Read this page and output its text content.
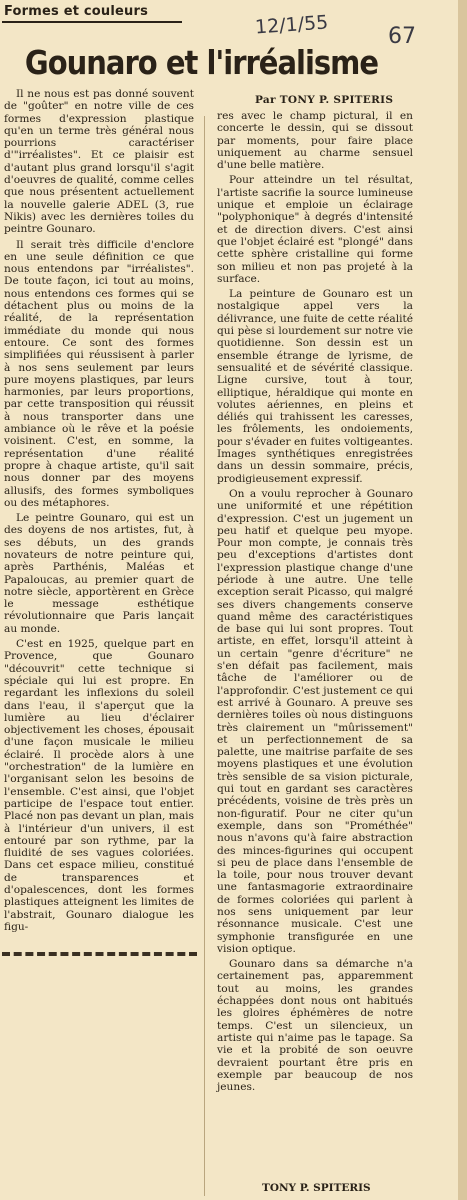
Formes et couleurs	12/1/55	67
Gounaro et l'irréalisme
Par TONY P. SPITERIS

Il ne nous est pas donné souvent de "goûter" en notre ville de ces formes d'expression plastique qu'en un terme très général nous pourrions caractériser d'"irréalistes". Et ce plaisir est d'autant plus grand lorsqu'il s'agit d'oeuvres de qualité, comme celles que nous présentent actuellement la nouvelle galerie ADEL (3, rue Nikis) avec les dernières toiles du peintre Gounaro.

Il serait très difficile d'enclore en une seule définition ce que nous entendons par "irréalistes". De toute façon, ici tout au moins, nous entendons ces formes qui se détachent plus ou moins de la réalité, de la représentation immédiate du monde qui nous entoure. Ce sont des formes simplifiées qui réussisent à parler à nos sens seulement par leurs pure moyens plastiques, par leurs harmonies, par leurs proportions, par cette transposition qui réussit à nous transporter dans une ambiance où le rêve et la poésie voisinent. C'est, en somme, la représentation d'une réalité propre à chaque artiste, qu'il sait nous donner par des moyens allusifs, des formes symboliques ou des métaphores.

Le peintre Gounaro, qui est un des doyens de nos artistes, fut, à ses débuts, un des grands novateurs de notre peinture qui, après Parthénis, Maléas et Papaloucas, au premier quart de notre siècle, apportèrent en Grèce le message esthétique révolutionnaire que Paris lançait au monde.

C'est en 1925, quelque part en Provence, que Gounaro "découvrit" cette technique si spéciale qui lui est propre. En regardant les inflexions du soleil dans l'eau, il s'aperçut que la lumière au lieu d'éclairer objectivement les choses, épousait d'une façon musicale le milieu éclairé. Il procède alors à une "orchestration" de la lumière en l'organisant selon les besoins de l'ensemble. C'est ainsi, que l'objet participe de l'espace tout entier. Placé non pas devant un plan, mais à l'intérieur d'un univers, il est entouré par son rythme, par la fluidité de ses vagues coloriées. Dans cet espace milieu, constitué de transparences et d'opalescences, dont les formes plastiques atteignent les limites de l'abstrait, Gounaro dialogue les figu-

res avec le champ pictural, il en concerte le dessin, qui se dissout par moments, pour faire place uniquement au charme sensuel d'une belle matière.

Pour atteindre un tel résultat, l'artiste sacrifie la source lumineuse unique et emploie un éclairage "polyphonique" à degrés d'intensité et de direction divers. C'est ainsi que l'objet éclairé est "plongé" dans cette sphère cristalline qui forme son milieu et non pas projeté à la surface.

La peinture de Gounaro est un nostalgique appel vers la délivrance, une fuite de cette réalité qui pèse si lourdement sur notre vie quotidienne. Son dessin est un ensemble étrange de lyrisme, de sensualité et de sévérité classique. Ligne cursive, tout à tour, elliptique, héraldique qui monte en volutes aériennes, en pleins et déliés qui trahissent les caresses, les frôlements, les ondoiements, pour s'évader en fuites voltigeantes. Images synthétiques enregistrées dans un dessin sommaire, précis, prodigieusement expressif.

On a voulu reprocher à Gounaro une uniformité et une répétition d'expression. C'est un jugement un peu hatif et quelque peu myope. Pour mon compte, je connais très peu d'exceptions d'artistes dont l'expression plastique change d'une période à une autre. Une telle exception serait Picasso, qui malgré ses divers changements conserve quand même des caractéristiques de base qui lui sont propres. Tout artiste, en effet, lorsqu'il atteint à un certain "genre d'écriture" ne s'en défait pas facilement, mais tâche de l'améliorer ou de l'approfondir. C'est justement ce qui est arrivé à Gounaro. A preuve ses dernières toiles où nous distinguons très clairement un "mûrissement" et un perfectionnement de sa palette, une maitrise parfaite de ses moyens plastiques et une évolution très sensible de sa vision picturale, qui tout en gardant ses caractères précédents, voisine de très près un non-figuratif. Pour ne citer qu'un exemple, dans son "Prométhée" nous n'avons qu'à faire abstraction des minces-figurines qui occupent si peu de place dans l'ensemble de la toile, pour nous trouver devant une fantasmagorie extraordinaire de formes coloriées qui parlent à nos sens uniquement par leur résonnance musicale. C'est une symphonie transfigurée en une vision optique.

Gounaro dans sa démarche n'a certainement pas, apparemment tout au moins, les grandes échappées dont nous ont habitués les gloires éphémères de notre temps. C'est un silencieux, un artiste qui n'aime pas le tapage. Sa vie et la probité de son oeuvre devraient pourtant être pris en exemple par beaucoup de nos jeunes.

TONY P. SPITERIS
